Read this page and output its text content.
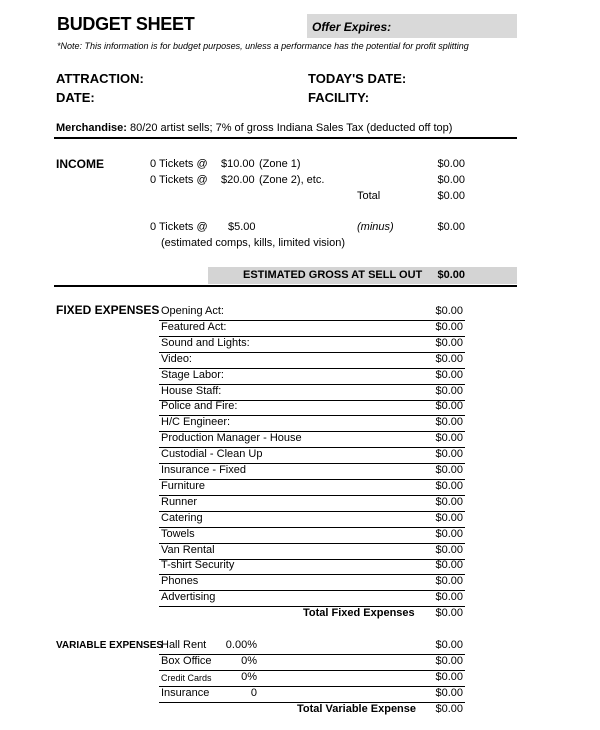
BUDGET SHEET	Offer Expires:
*Note: This information is for budget purposes, unless a performance has the potential for profit splitting
ATTRACTION:
DATE:
TODAY'S DATE:
FACILITY:
Merchandise: 80/20 artist sells; 7% of gross Indiana Sales Tax (deducted off top)
INCOME	0 Tickets @ $10.00 (Zone 1)	$0.00
0 Tickets @ $20.00 (Zone 2), etc.	$0.00
Total	$0.00
0 Tickets @ $5.00	(minus)	$0.00
(estimated comps, kills, limited vision)
ESTIMATED GROSS AT SELL OUT	$0.00
FIXED EXPENSES Opening Act:	$0.00
Featured Act:	$0.00
Sound and Lights:	$0.00
Video:	$0.00
Stage Labor:	$0.00
House Staff:	$0.00
Police and Fire:	$0.00
H/C Engineer:	$0.00
Production Manager - House	$0.00
Custodial - Clean Up	$0.00
Insurance - Fixed	$0.00
Furniture	$0.00
Runner	$0.00
Catering	$0.00
Towels	$0.00
Van Rental	$0.00
T-shirt Security	$0.00
Phones	$0.00
Advertising	$0.00
Total Fixed Expenses	$0.00
VARIABLE EXPENSES
Hall Rent	0.00%	$0.00
Box Office	0%	$0.00
Credit Cards	0%	$0.00
Insurance	0	$0.00
Total Variable Expense	$0.00
